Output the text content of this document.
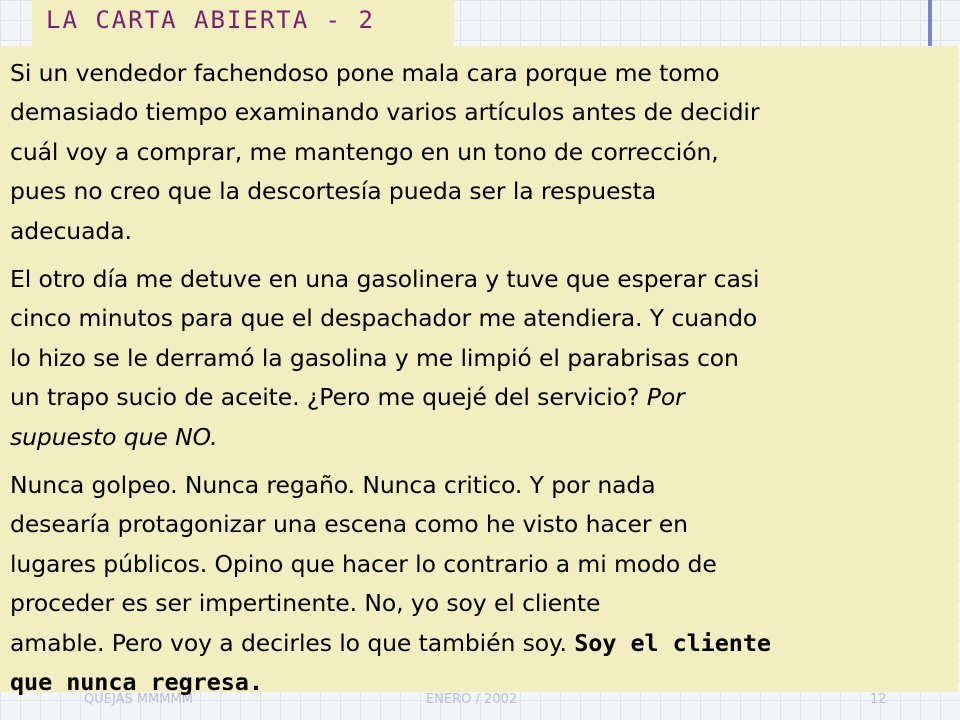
LA CARTA ABIERTA - 2
QUEJAS MMMMM	ENERO / 2002	12

Si un vendedor fachendoso pone mala cara porque me tomo
demasiado tiempo examinando varios artículos antes de decidir
cuál voy a comprar, me mantengo en un tono de corrección,
pues no creo que la descortesía pueda ser la respuesta
adecuada.

El otro día me detuve en una gasolinera y tuve que esperar casi
cinco minutos para que el despachador me atendiera. Y cuando
lo hizo se le derramó la gasolina y me limpió el parabrisas con
un trapo sucio de aceite. ¿Pero me quejé del servicio? Por
supuesto que NO.

Nunca golpeo. Nunca regaño. Nunca critico. Y por nada
desearía protagonizar una escena como he visto hacer en
lugares públicos. Opino que hacer lo contrario a mi modo de
proceder es ser impertinente. No, yo soy el cliente
amable. Pero voy a decirles lo que también soy. Soy el cliente
que nunca regresa.
